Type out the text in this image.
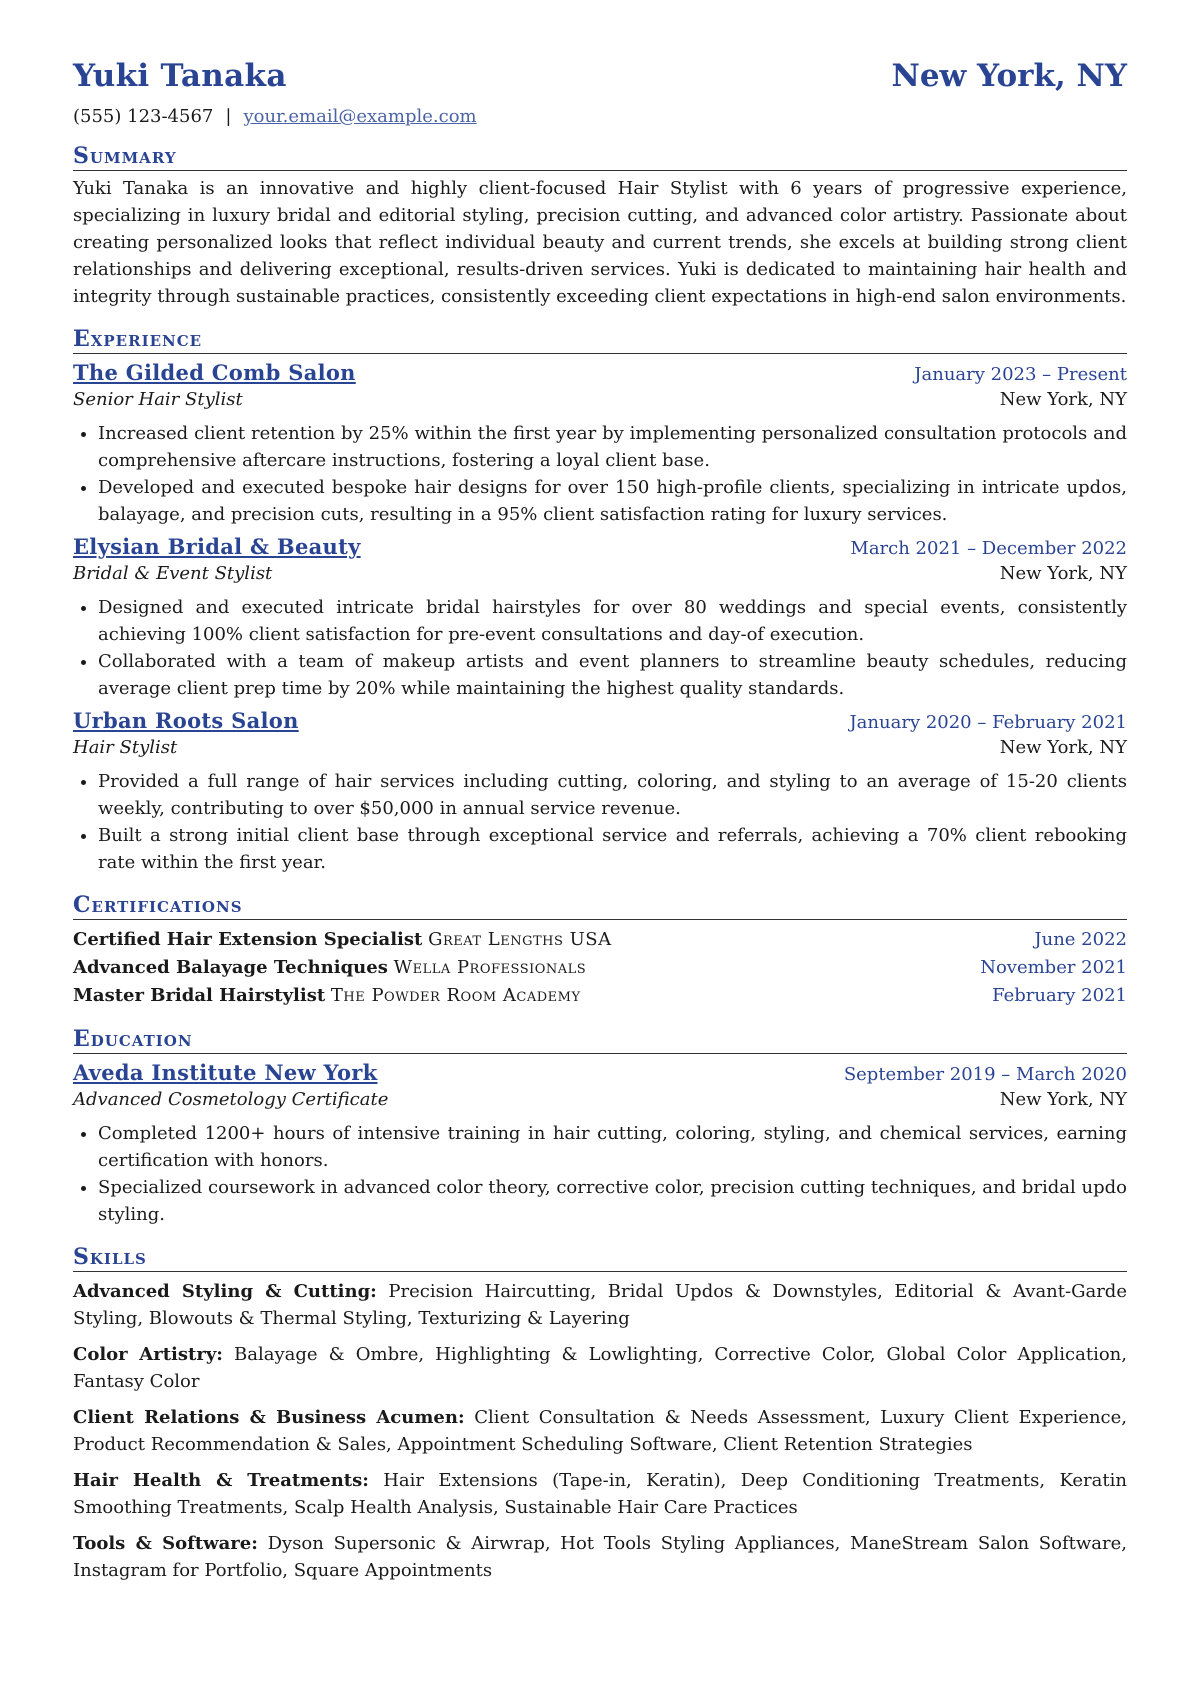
Yuki Tanaka	New York, NY
(555) 123-4567 | your.email@example.com
Summary
Yuki Tanaka is an innovative and highly client-focused Hair Stylist with 6 years of progressive experience, specializing in luxury bridal and editorial styling, precision cutting, and advanced color artistry. Passionate about creating personalized looks that reflect individual beauty and current trends, she excels at building strong client relationships and delivering exceptional, results-driven services. Yuki is dedicated to maintaining hair health and integrity through sustainable practices, consistently exceeding client expectations in high-end salon environments.
Experience
The Gilded Comb Salon	January 2023 – Present
Senior Hair Stylist	New York, NY
• Increased client retention by 25% within the first year by implementing personalized consultation protocols and comprehensive aftercare instructions, fostering a loyal client base.
• Developed and executed bespoke hair designs for over 150 high-profile clients, specializing in intricate updos, balayage, and precision cuts, resulting in a 95% client satisfaction rating for luxury services.
Elysian Bridal & Beauty	March 2021 – December 2022
Bridal & Event Stylist	New York, NY
• Designed and executed intricate bridal hairstyles for over 80 weddings and special events, consistently achieving 100% client satisfaction for pre-event consultations and day-of execution.
• Collaborated with a team of makeup artists and event planners to streamline beauty schedules, reducing average client prep time by 20% while maintaining the highest quality standards.
Urban Roots Salon	January 2020 – February 2021
Hair Stylist	New York, NY
• Provided a full range of hair services including cutting, coloring, and styling to an average of 15-20 clients weekly, contributing to over $50,000 in annual service revenue.
• Built a strong initial client base through exceptional service and referrals, achieving a 70% client rebooking rate within the first year.
Certifications
Certified Hair Extension Specialist Great Lengths USA	June 2022
Advanced Balayage Techniques Wella Professionals	November 2021
Master Bridal Hairstylist The Powder Room Academy	February 2021
Education
Aveda Institute New York	September 2019 – March 2020
Advanced Cosmetology Certificate	New York, NY
• Completed 1200+ hours of intensive training in hair cutting, coloring, styling, and chemical services, earning certification with honors.
• Specialized coursework in advanced color theory, corrective color, precision cutting techniques, and bridal updo styling.
Skills
Advanced Styling & Cutting: Precision Haircutting, Bridal Updos & Downstyles, Editorial & Avant-Garde Styling, Blowouts & Thermal Styling, Texturizing & Layering
Color Artistry: Balayage & Ombre, Highlighting & Lowlighting, Corrective Color, Global Color Application, Fantasy Color
Client Relations & Business Acumen: Client Consultation & Needs Assessment, Luxury Client Experience, Product Recommendation & Sales, Appointment Scheduling Software, Client Retention Strategies
Hair Health & Treatments: Hair Extensions (Tape-in, Keratin), Deep Conditioning Treatments, Keratin Smoothing Treatments, Scalp Health Analysis, Sustainable Hair Care Practices
Tools & Software: Dyson Supersonic & Airwrap, Hot Tools Styling Appliances, ManeStream Salon Software, Instagram for Portfolio, Square Appointments
